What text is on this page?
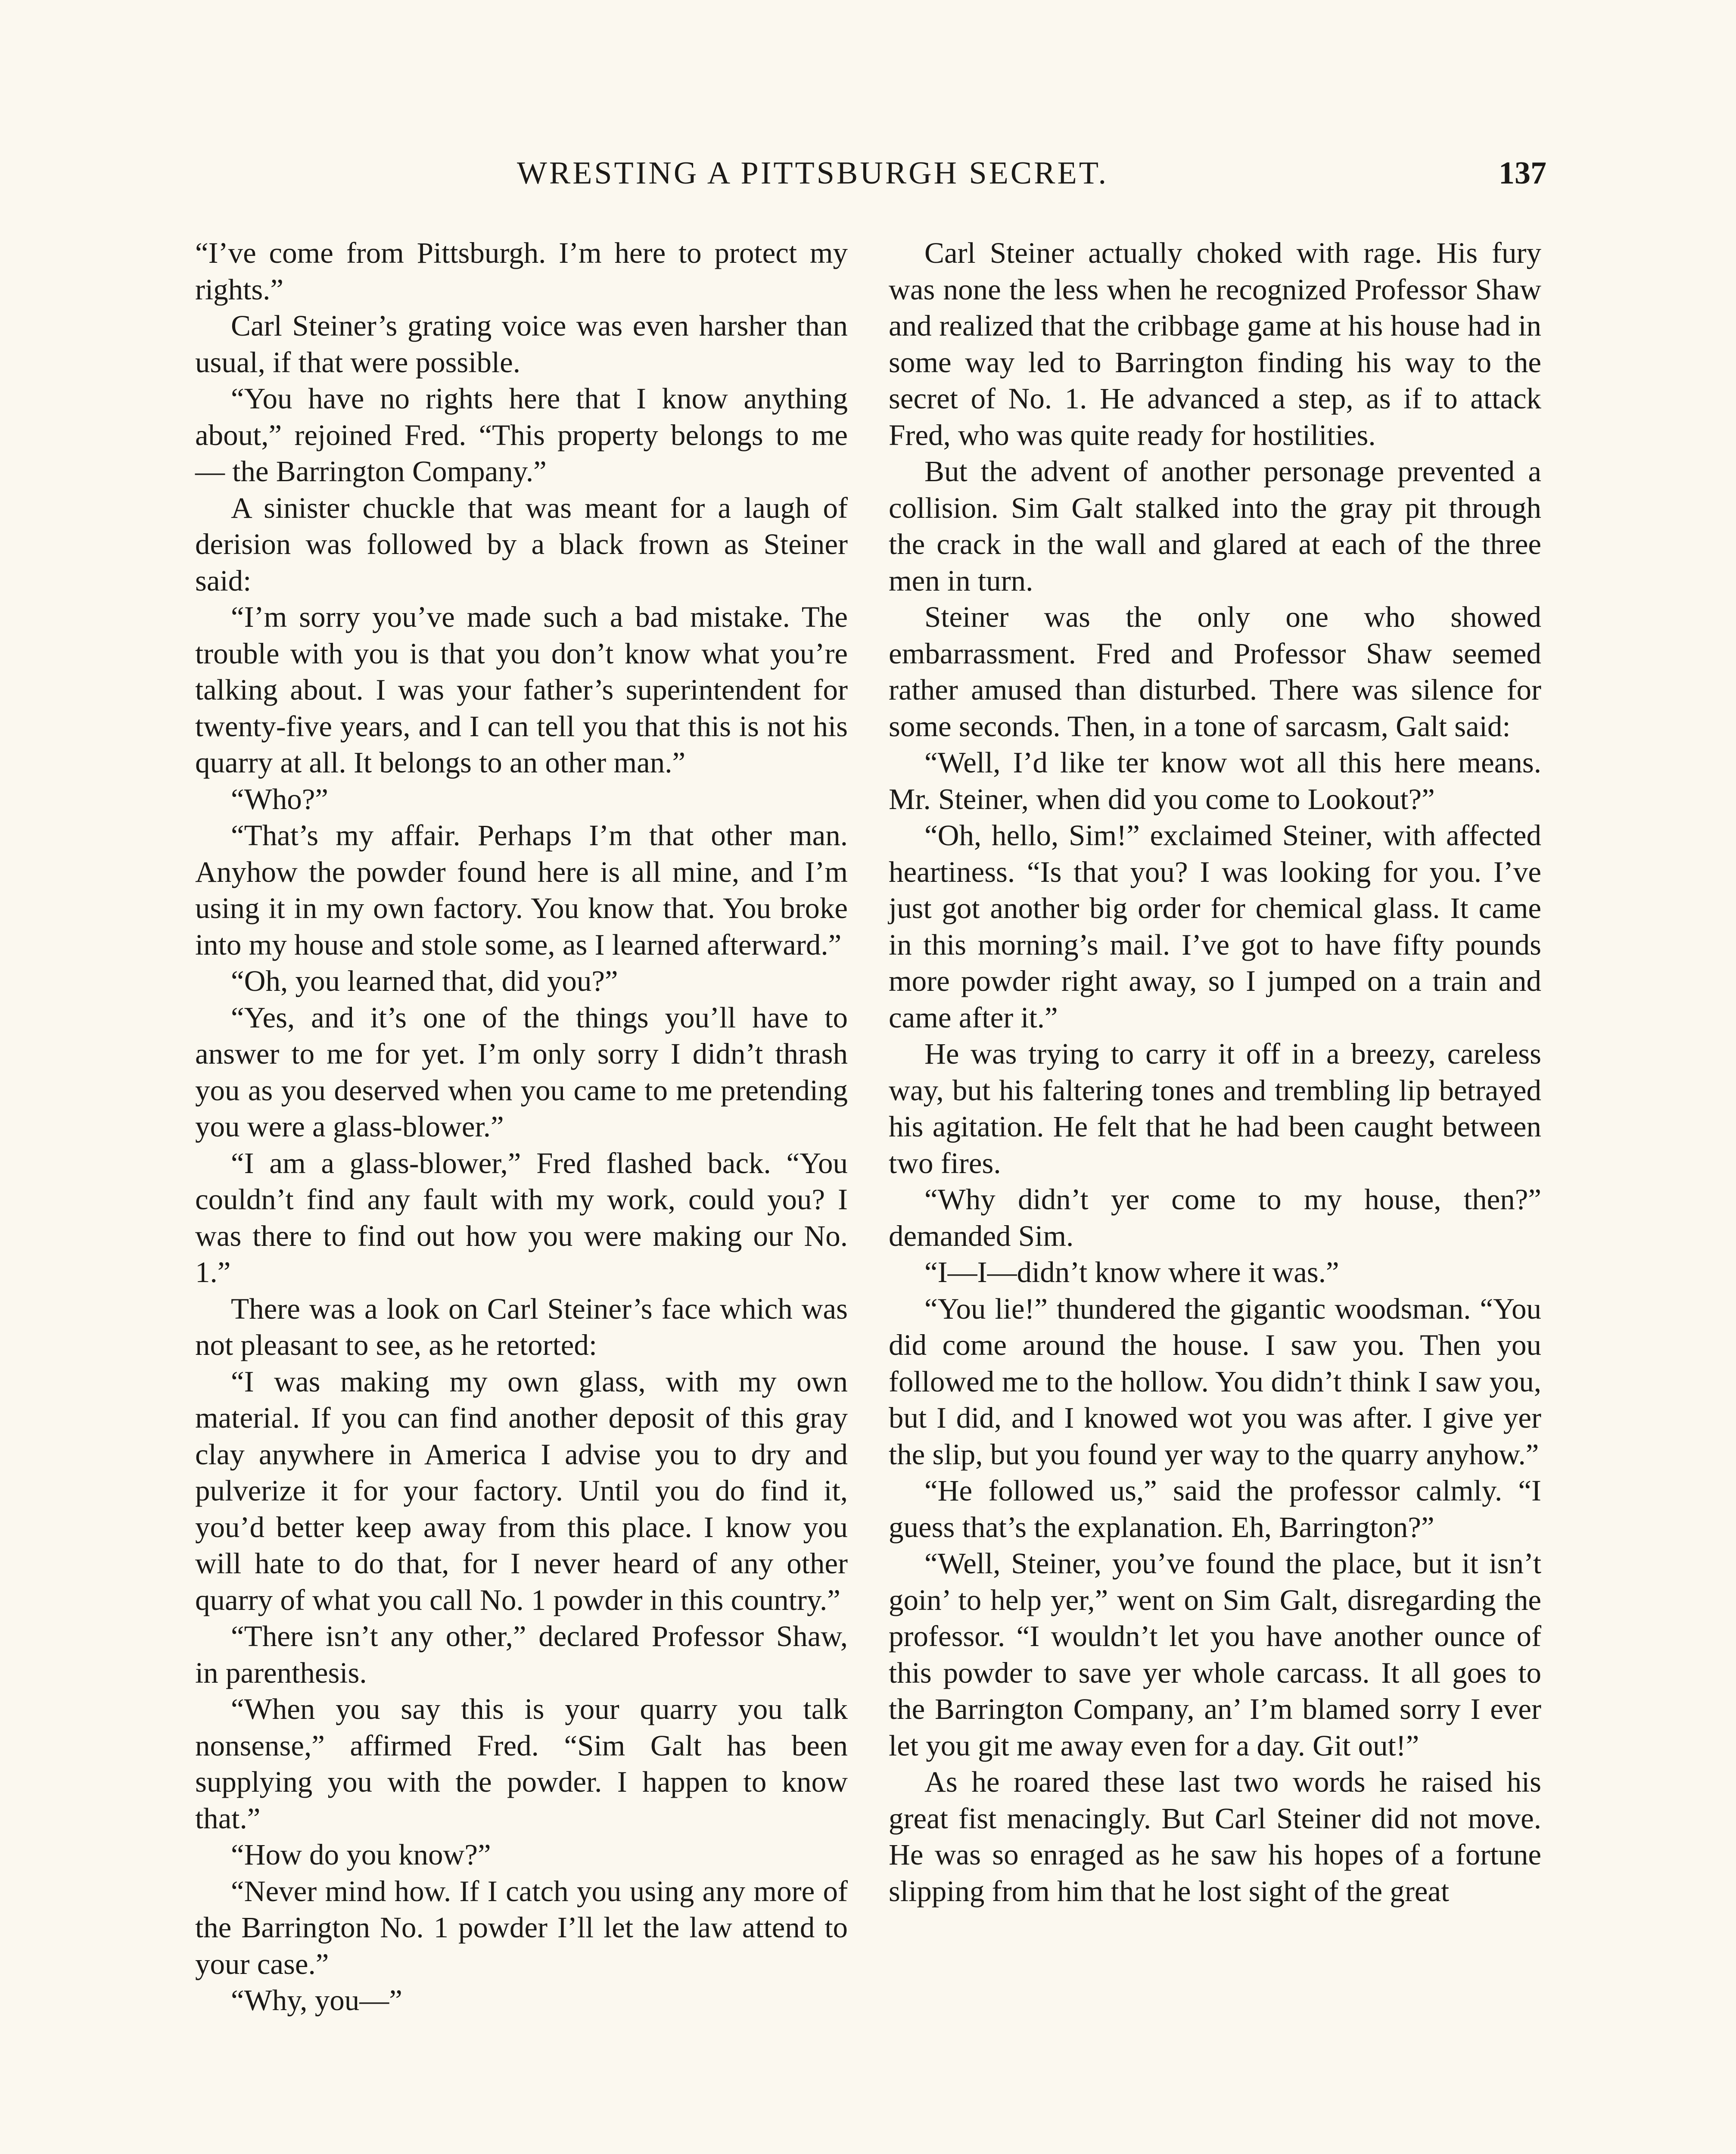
WRESTING A PITTSBURGH SECRET.	137

“I’ve come from Pittsburgh. I’m here to protect my rights.”

Carl Steiner’s grating voice was even harsher than usual, if that were possible.

“You have no rights here that I know anything about,” rejoined Fred. “This property belongs to me — the Barrington Company.”

A sinister chuckle that was meant for a laugh of derision was followed by a black frown as Steiner said:

“I’m sorry you’ve made such a bad mistake. The trouble with you is that you don’t know what you’re talking about. I was your father’s superintendent for twenty-five years, and I can tell you that this is not his quarry at all. It belongs to an other man.”

“Who?”

“That’s my affair. Perhaps I’m that other man. Anyhow the powder found here is all mine, and I’m using it in my own factory. You know that. You broke into my house and stole some, as I learned afterward.”

“Oh, you learned that, did you?”

“Yes, and it’s one of the things you’ll have to answer to me for yet. I’m only sorry I didn’t thrash you as you deserved when you came to me pretending you were a glass-blower.”

“I am a glass-blower,” Fred flashed back. “You couldn’t find any fault with my work, could you? I was there to find out how you were making our No. 1.”

There was a look on Carl Steiner’s face which was not pleasant to see, as he retorted:

“I was making my own glass, with my own material. If you can find another deposit of this gray clay anywhere in America I advise you to dry and pulverize it for your factory. Until you do find it, you’d better keep away from this place. I know you will hate to do that, for I never heard of any other quarry of what you call No. 1 powder in this country.”

“There isn’t any other,” declared Professor Shaw, in parenthesis.

“When you say this is your quarry you talk nonsense,” affirmed Fred. “Sim Galt has been supplying you with the powder. I happen to know that.”

“How do you know?”

“Never mind how. If I catch you using any more of the Barrington No. 1 powder I’ll let the law attend to your case.”

“Why, you—”

Carl Steiner actually choked with rage. His fury was none the less when he recognized Professor Shaw and realized that the cribbage game at his house had in some way led to Barrington finding his way to the secret of No. 1. He advanced a step, as if to attack Fred, who was quite ready for hostilities.

But the advent of another personage prevented a collision. Sim Galt stalked into the gray pit through the crack in the wall and glared at each of the three men in turn.

Steiner was the only one who showed embarrassment. Fred and Professor Shaw seemed rather amused than disturbed. There was silence for some seconds. Then, in a tone of sarcasm, Galt said:

“Well, I’d like ter know wot all this here means. Mr. Steiner, when did you come to Lookout?”

“Oh, hello, Sim!” exclaimed Steiner, with affected heartiness. “Is that you? I was looking for you. I’ve just got another big order for chemical glass. It came in this morning’s mail. I’ve got to have fifty pounds more powder right away, so I jumped on a train and came after it.”

He was trying to carry it off in a breezy, careless way, but his faltering tones and trembling lip betrayed his agitation. He felt that he had been caught between two fires.

“Why didn’t yer come to my house, then?” demanded Sim.

“I—I—didn’t know where it was.”

“You lie!” thundered the gigantic woodsman. “You did come around the house. I saw you. Then you followed me to the hollow. You didn’t think I saw you, but I did, and I knowed wot you was after. I give yer the slip, but you found yer way to the quarry anyhow.”

“He followed us,” said the professor calmly. “I guess that’s the explanation. Eh, Barrington?”

“Well, Steiner, you’ve found the place, but it isn’t goin’ to help yer,” went on Sim Galt, disregarding the professor. “I wouldn’t let you have another ounce of this powder to save yer whole carcass. It all goes to the Barrington Company, an’ I’m blamed sorry I ever let you git me away even for a day. Git out!”

As he roared these last two words he raised his great fist menacingly. But Carl Steiner did not move. He was so enraged as he saw his hopes of a fortune slipping from him that he lost sight of the great
